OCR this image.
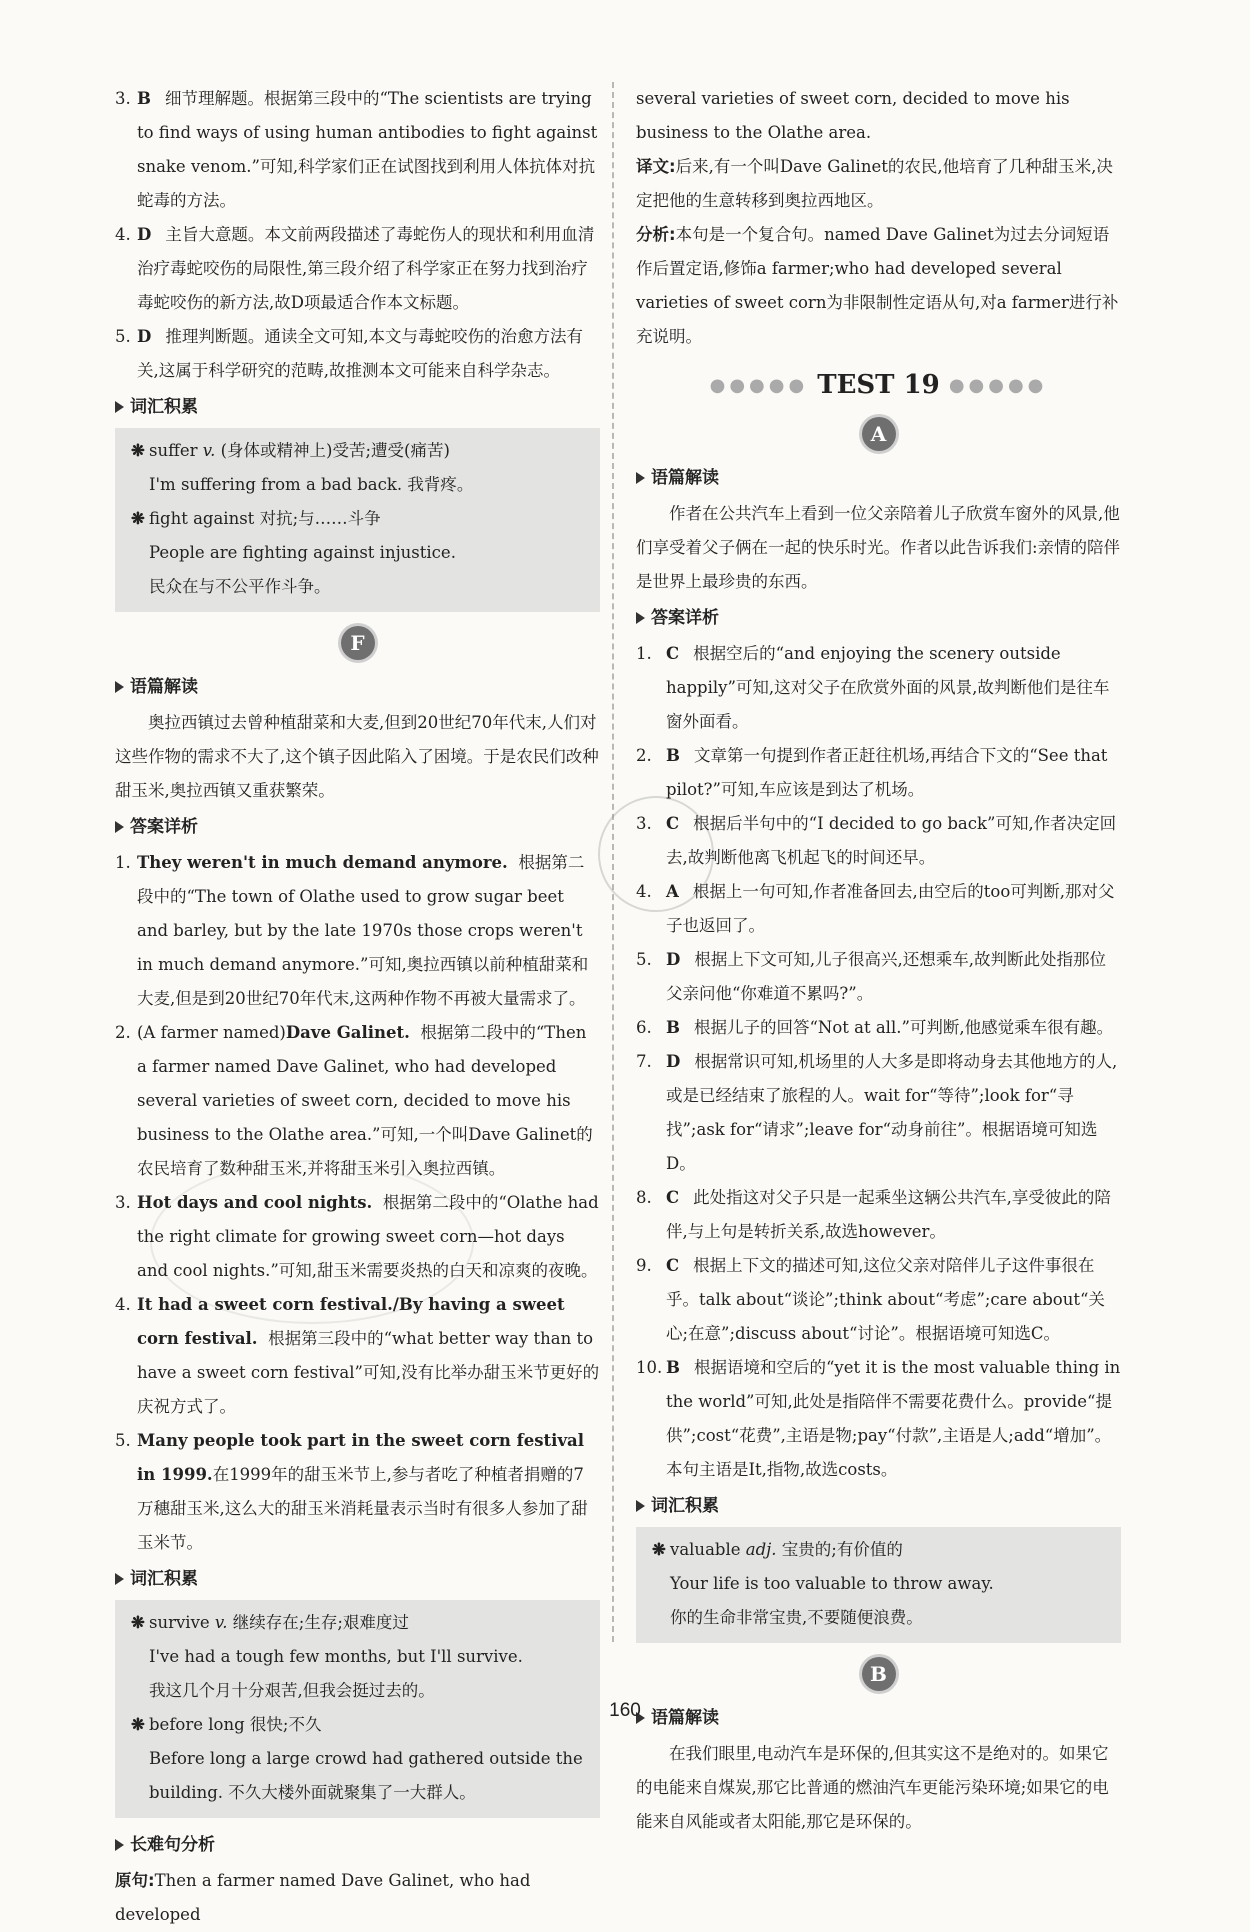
3. B 细节理解题。根据第三段中的“The scientists are trying to find ways of using human antibodies to fight against snake venom.”可知,科学家们正在试图找到利用人体抗体对抗蛇毒的方法。
4. D 主旨大意题。本文前两段描述了毒蛇伤人的现状和利用血清治疗毒蛇咬伤的局限性,第三段介绍了科学家正在努力找到治疗毒蛇咬伤的新方法,故D项最适合作本文标题。
5. D 推理判断题。通读全文可知,本文与毒蛇咬伤的治愈方法有关,这属于科学研究的范畴,故推测本文可能来自科学杂志。
词汇积累
❋ suffer v. (身体或精神上)受苦;遭受(痛苦)
I'm suffering from a bad back. 我背疼。
❋ fight against 对抗;与……斗争
People are fighting against injustice.
民众在与不公平作斗争。
F
语篇解读
奥拉西镇过去曾种植甜菜和大麦,但到20世纪70年代末,人们对这些作物的需求不大了,这个镇子因此陷入了困境。于是农民们改种甜玉米,奥拉西镇又重获繁荣。
答案详析
1. They weren't in much demand anymore. 根据第二段中的“The town of Olathe used to grow sugar beet and barley, but by the late 1970s those crops weren't in much demand anymore.”可知,奥拉西镇以前种植甜菜和大麦,但是到20世纪70年代末,这两种作物不再被大量需求了。
2. (A farmer named)Dave Galinet. 根据第二段中的“Then a farmer named Dave Galinet, who had developed several varieties of sweet corn, decided to move his business to the Olathe area.”可知,一个叫Dave Galinet的农民培育了数种甜玉米,并将甜玉米引入奥拉西镇。
3. Hot days and cool nights. 根据第二段中的“Olathe had the right climate for growing sweet corn—hot days and cool nights.”可知,甜玉米需要炎热的白天和凉爽的夜晚。
4. It had a sweet corn festival./By having a sweet corn festival. 根据第三段中的“what better way than to have a sweet corn festival”可知,没有比举办甜玉米节更好的庆祝方式了。
5. Many people took part in the sweet corn festival in 1999.在1999年的甜玉米节上,参与者吃了种植者捐赠的7万穗甜玉米,这么大的甜玉米消耗量表示当时有很多人参加了甜玉米节。
词汇积累
❋ survive v. 继续存在;生存;艰难度过
I've had a tough few months, but I'll survive.
我这几个月十分艰苦,但我会挺过去的。
❋ before long 很快;不久
Before long a large crowd had gathered outside the building. 不久大楼外面就聚集了一大群人。
长难句分析
原句:Then a farmer named Dave Galinet, who had developed
several varieties of sweet corn, decided to move his business to the Olathe area.
译文:后来,有一个叫Dave Galinet的农民,他培育了几种甜玉米,决定把他的生意转移到奥拉西地区。
分析:本句是一个复合句。named Dave Galinet为过去分词短语作后置定语,修饰a farmer;who had developed several varieties of sweet corn为非限制性定语从句,对a farmer进行补充说明。
●●●●● TEST 19 ●●●●●
A
语篇解读
作者在公共汽车上看到一位父亲陪着儿子欣赏车窗外的风景,他们享受着父子俩在一起的快乐时光。作者以此告诉我们:亲情的陪伴是世界上最珍贵的东西。
答案详析
1. C 根据空后的“and enjoying the scenery outside happily”可知,这对父子在欣赏外面的风景,故判断他们是往车窗外面看。
2. B 文章第一句提到作者正赶往机场,再结合下文的“See that pilot?”可知,车应该是到达了机场。
3. C 根据后半句中的“I decided to go back”可知,作者决定回去,故判断他离飞机起飞的时间还早。
4. A 根据上一句可知,作者准备回去,由空后的too可判断,那对父子也返回了。
5. D 根据上下文可知,儿子很高兴,还想乘车,故判断此处指那位父亲问他“你难道不累吗?”。
6. B 根据儿子的回答“Not at all.”可判断,他感觉乘车很有趣。
7. D 根据常识可知,机场里的人大多是即将动身去其他地方的人,或是已经结束了旅程的人。wait for“等待”;look for“寻找”;ask for“请求”;leave for“动身前往”。根据语境可知选D。
8. C 此处指这对父子只是一起乘坐这辆公共汽车,享受彼此的陪伴,与上句是转折关系,故选however。
9. C 根据上下文的描述可知,这位父亲对陪伴儿子这件事很在乎。talk about“谈论”;think about“考虑”;care about“关心;在意”;discuss about“讨论”。根据语境可知选C。
10. B 根据语境和空后的“yet it is the most valuable thing in the world”可知,此处是指陪伴不需要花费什么。provide“提供”;cost“花费”,主语是物;pay“付款”,主语是人;add“增加”。本句主语是It,指物,故选costs。
词汇积累
❋ valuable adj. 宝贵的;有价值的
Your life is too valuable to throw away.
你的生命非常宝贵,不要随便浪费。
B
语篇解读
在我们眼里,电动汽车是环保的,但其实这不是绝对的。如果它的电能来自煤炭,那它比普通的燃油汽车更能污染环境;如果它的电能来自风能或者太阳能,那它是环保的。
160
